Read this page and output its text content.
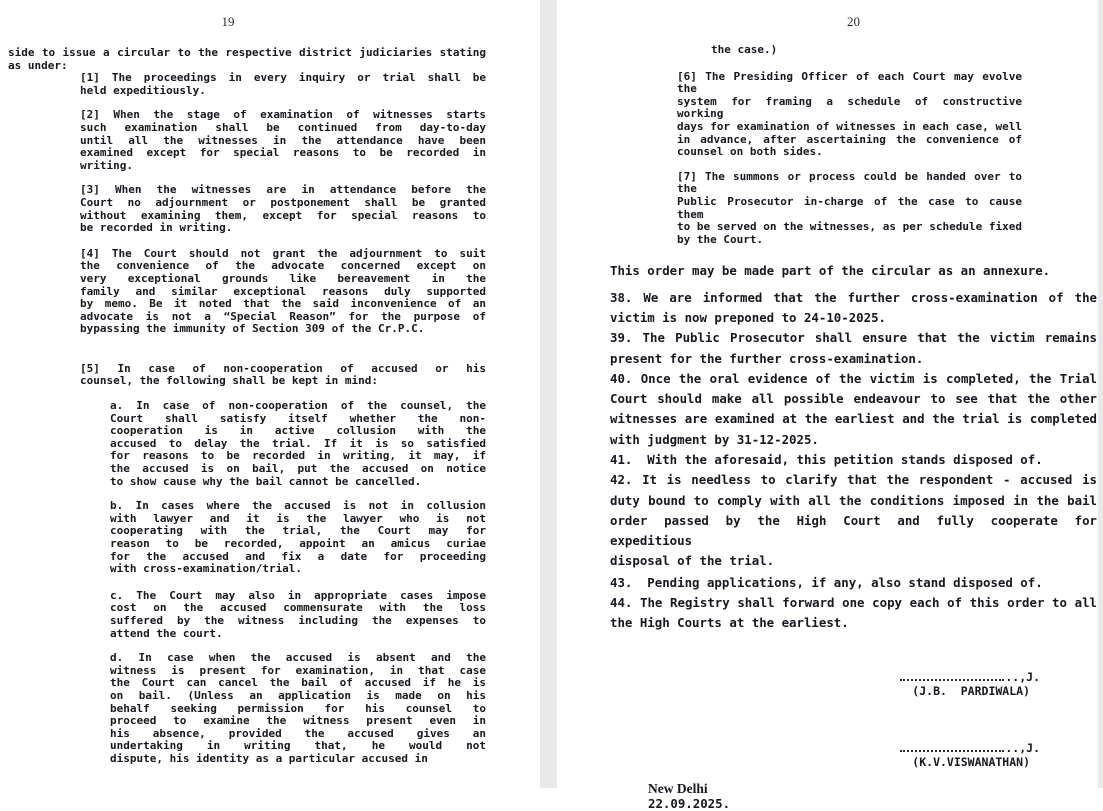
19
side to issue a circular to the respective district judiciaries stating
as under:
[1] The proceedings in every inquiry or trial shall be
held expeditiously.
[2] When the stage of examination of witnesses starts
such examination shall be continued from day-to-day
until all the witnesses in the attendance have been
examined except for special reasons to be recorded in
writing.
[3] When the witnesses are in attendance before the
Court no adjournment or postponement shall be granted
without examining them, except for special reasons to
be recorded in writing.
[4] The Court should not grant the adjournment to suit
the convenience of the advocate concerned except on
very exceptional grounds like bereavement in the
family and similar exceptional reasons duly supported
by memo. Be it noted that the said inconvenience of an
advocate is not a “Special Reason” for the purpose of
bypassing the immunity of Section 309 of the Cr.P.C.
[5] In case of non-cooperation of accused or his
counsel, the following shall be kept in mind:
a. In case of non-cooperation of the counsel, the
Court shall satisfy itself whether the non-
cooperation is in active collusion with the
accused to delay the trial. If it is so satisfied
for reasons to be recorded in writing, it may, if
the accused is on bail, put the accused on notice
to show cause why the bail cannot be cancelled.
b. In cases where the accused is not in collusion
with lawyer and it is the lawyer who is not
cooperating with the trial, the Court may for
reason to be recorded, appoint an amicus curiae
for the accused and fix a date for proceeding
with cross-examination/trial.
c. The Court may also in appropriate cases impose
cost on the accused commensurate with the loss
suffered by the witness including the expenses to
attend the court.
d. In case when the accused is absent and the
witness is present for examination, in that case
the Court can cancel the bail of accused if he is
on bail. (Unless an application is made on his
behalf seeking permission for his counsel to
proceed to examine the witness present even in
his absence, provided the accused gives an
undertaking in writing that, he would not
dispute, his identity as a particular accused in
20
the case.)
[6] The Presiding Officer of each Court may evolve the
system for framing a schedule of constructive working
days for examination of witnesses in each case, well
in advance, after ascertaining the convenience of
counsel on both sides.
[7] The summons or process could be handed over to the
Public Prosecutor in-charge of the case to cause them
to be served on the witnesses, as per schedule fixed
by the Court.
This order may be made part of the circular as an annexure.
38. We are informed that the further cross-examination of the
victim is now preponed to 24-10-2025.
39. The Public Prosecutor shall ensure that the victim remains
present for the further cross-examination.
40. Once the oral evidence of the victim is completed, the Trial
Court should make all possible endeavour to see that the other
witnesses are examined at the earliest and the trial is completed
with judgment by 31-12-2025.
41.  With the aforesaid, this petition stands disposed of.
42. It is needless to clarify that the respondent - accused is
duty bound to comply with all the conditions imposed in the bail
order passed by the High Court and fully cooperate for expeditious
disposal of the trial.
43.  Pending applications, if any, also stand disposed of.
44. The Registry shall forward one copy each of this order to all
the High Courts at the earliest.
..,J.
(J.B.  PARDIWALA)
..,J.
(K.V.VISWANATHAN)
New Delhi
22.09.2025.
